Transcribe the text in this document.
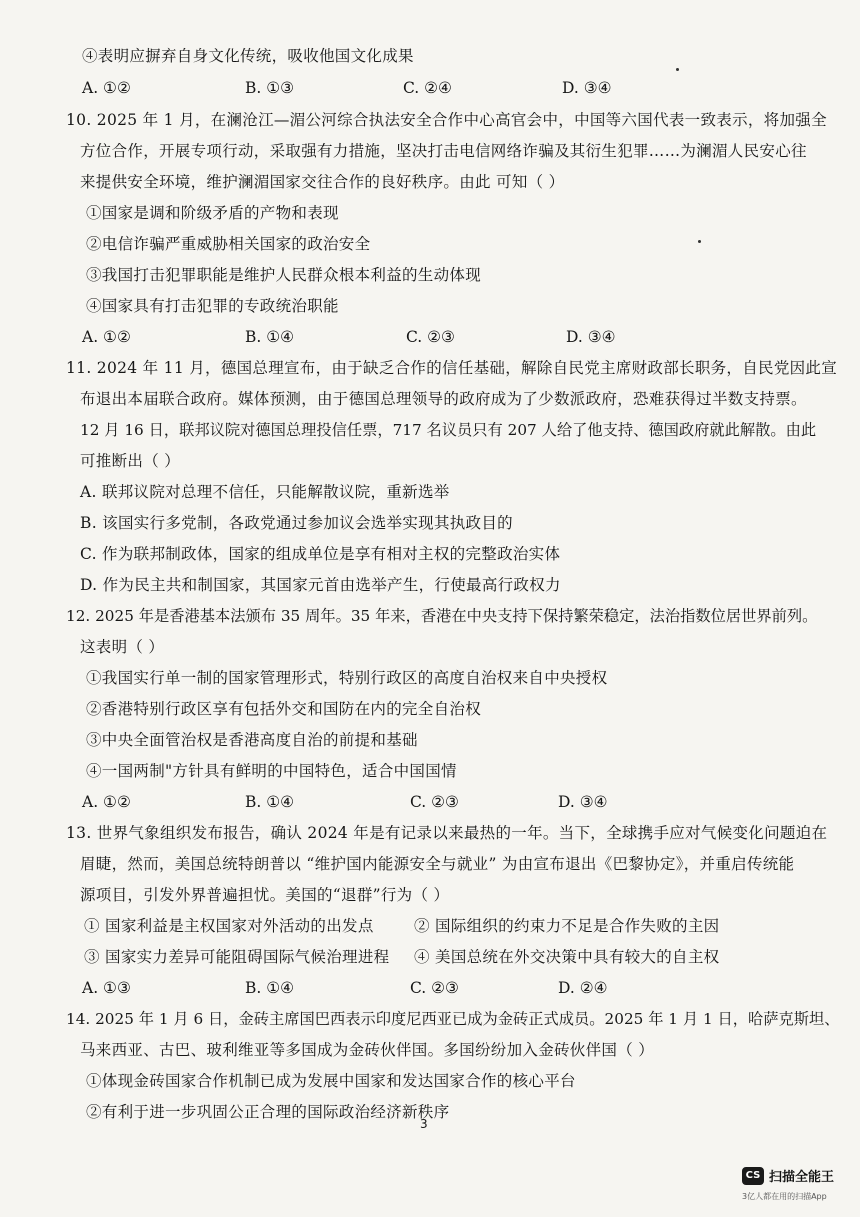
④表明应摒弃自身文化传统，吸收他国文化成果
A. ①②	B. ①③	C. ②④	D. ③④
10. 2025 年 1 月，在澜沧江—湄公河综合执法安全合作中心高官会中，中国等六国代表一致表示，将加强全
方位合作，开展专项行动，采取强有力措施，坚决打击电信网络诈骗及其衍生犯罪……为澜湄人民安心往
来提供安全环境，维护澜湄国家交往合作的良好秩序。由此 可知（ ）
①国家是调和阶级矛盾的产物和表现
②电信诈骗严重威胁相关国家的政治安全
③我国打击犯罪职能是维护人民群众根本利益的生动体现
④国家具有打击犯罪的专政统治职能
A. ①②	B. ①④	C. ②③	D. ③④
11. 2024 年 11 月，德国总理宣布，由于缺乏合作的信任基础，解除自民党主席财政部长职务，自民党因此宣
布退出本届联合政府。媒体预测，由于德国总理领导的政府成为了少数派政府，恐难获得过半数支持票。
12 月 16 日，联邦议院对德国总理投信任票，717 名议员只有 207 人给了他支持、德国政府就此解散。由此
可推断出（ ）
A. 联邦议院对总理不信任，只能解散议院，重新选举
B. 该国实行多党制，各政党通过参加议会选举实现其执政目的
C. 作为联邦制政体，国家的组成单位是享有相对主权的完整政治实体
D. 作为民主共和制国家，其国家元首由选举产生，行使最高行政权力
12. 2025 年是香港基本法颁布 35 周年。35 年来，香港在中央支持下保持繁荣稳定，法治指数位居世界前列。
这表明（ ）
①我国实行单一制的国家管理形式，特别行政区的高度自治权来自中央授权
②香港特别行政区享有包括外交和国防在内的完全自治权
③中央全面管治权是香港高度自治的前提和基础
④一国两制"方针具有鲜明的中国特色，适合中国国情
A. ①②	B. ①④	C. ②③	D. ③④
13. 世界气象组织发布报告，确认 2024 年是有记录以来最热的一年。当下，全球携手应对气候变化问题迫在
眉睫，然而，美国总统特朗普以 “维护国内能源安全与就业” 为由宣布退出《巴黎协定》，并重启传统能
源项目，引发外界普遍担忧。美国的“退群”行为（ ）
① 国家利益是主权国家对外活动的出发点	② 国际组织的约束力不足是合作失败的主因
③ 国家实力差异可能阻碍国际气候治理进程 ④ 美国总统在外交决策中具有较大的自主权
A. ①③	B. ①④	C. ②③	D. ②④
14. 2025 年 1 月 6 日，金砖主席国巴西表示印度尼西亚已成为金砖正式成员。2025 年 1 月 1 日，哈萨克斯坦、
马来西亚、古巴、玻利维亚等多国成为金砖伙伴国。多国纷纷加入金砖伙伴国（ ）
①体现金砖国家合作机制已成为发展中国家和发达国家合作的核心平台
②有利于进一步巩固公正合理的国际政治经济新秩序
3
CS 扫描全能王
3亿人都在用的扫描App
